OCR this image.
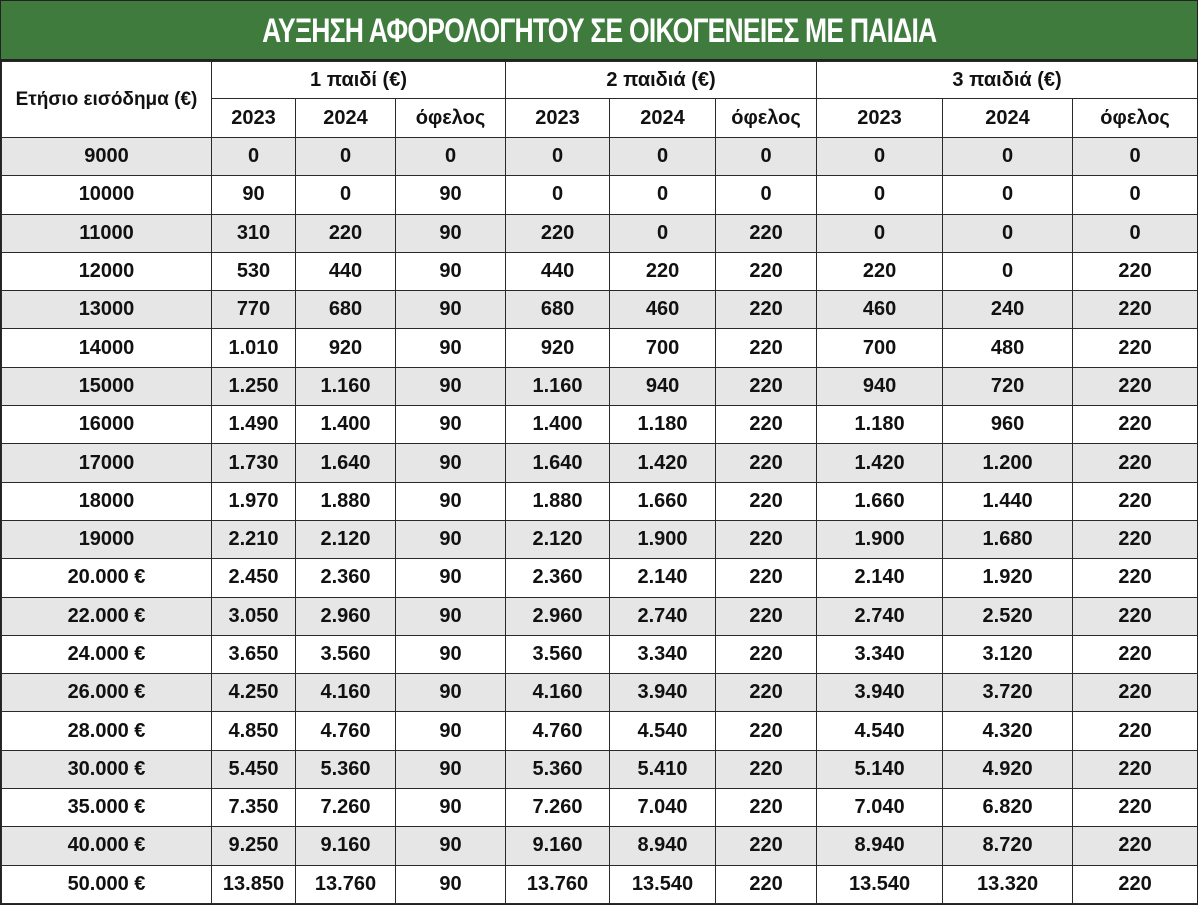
ΑΥΞΗΣΗ ΑΦΟΡΟΛΟΓΗΤΟΥ ΣΕ ΟΙΚΟΓΕΝΕΙΕΣ ΜΕ ΠΑΙΔΙΑ
Ετήσιο εισόδημα (€)	1 παιδί (€)			2 παιδιά (€)			3 παιδιά (€)		
	2023	2024	όφελος	2023	2024	όφελος	2023	2024	όφελος
9000	0	0	0	0	0	0	0	0	0
10000	90	0	90	0	0	0	0	0	0
11000	310	220	90	220	0	220	0	0	0
12000	530	440	90	440	220	220	220	0	220
13000	770	680	90	680	460	220	460	240	220
14000	1.010	920	90	920	700	220	700	480	220
15000	1.250	1.160	90	1.160	940	220	940	720	220
16000	1.490	1.400	90	1.400	1.180	220	1.180	960	220
17000	1.730	1.640	90	1.640	1.420	220	1.420	1.200	220
18000	1.970	1.880	90	1.880	1.660	220	1.660	1.440	220
19000	2.210	2.120	90	2.120	1.900	220	1.900	1.680	220
20.000 €	2.450	2.360	90	2.360	2.140	220	2.140	1.920	220
22.000 €	3.050	2.960	90	2.960	2.740	220	2.740	2.520	220
24.000 €	3.650	3.560	90	3.560	3.340	220	3.340	3.120	220
26.000 €	4.250	4.160	90	4.160	3.940	220	3.940	3.720	220
28.000 €	4.850	4.760	90	4.760	4.540	220	4.540	4.320	220
30.000 €	5.450	5.360	90	5.360	5.410	220	5.140	4.920	220
35.000 €	7.350	7.260	90	7.260	7.040	220	7.040	6.820	220
40.000 €	9.250	9.160	90	9.160	8.940	220	8.940	8.720	220
50.000 €	13.850	13.760	90	13.760	13.540	220	13.540	13.320	220
